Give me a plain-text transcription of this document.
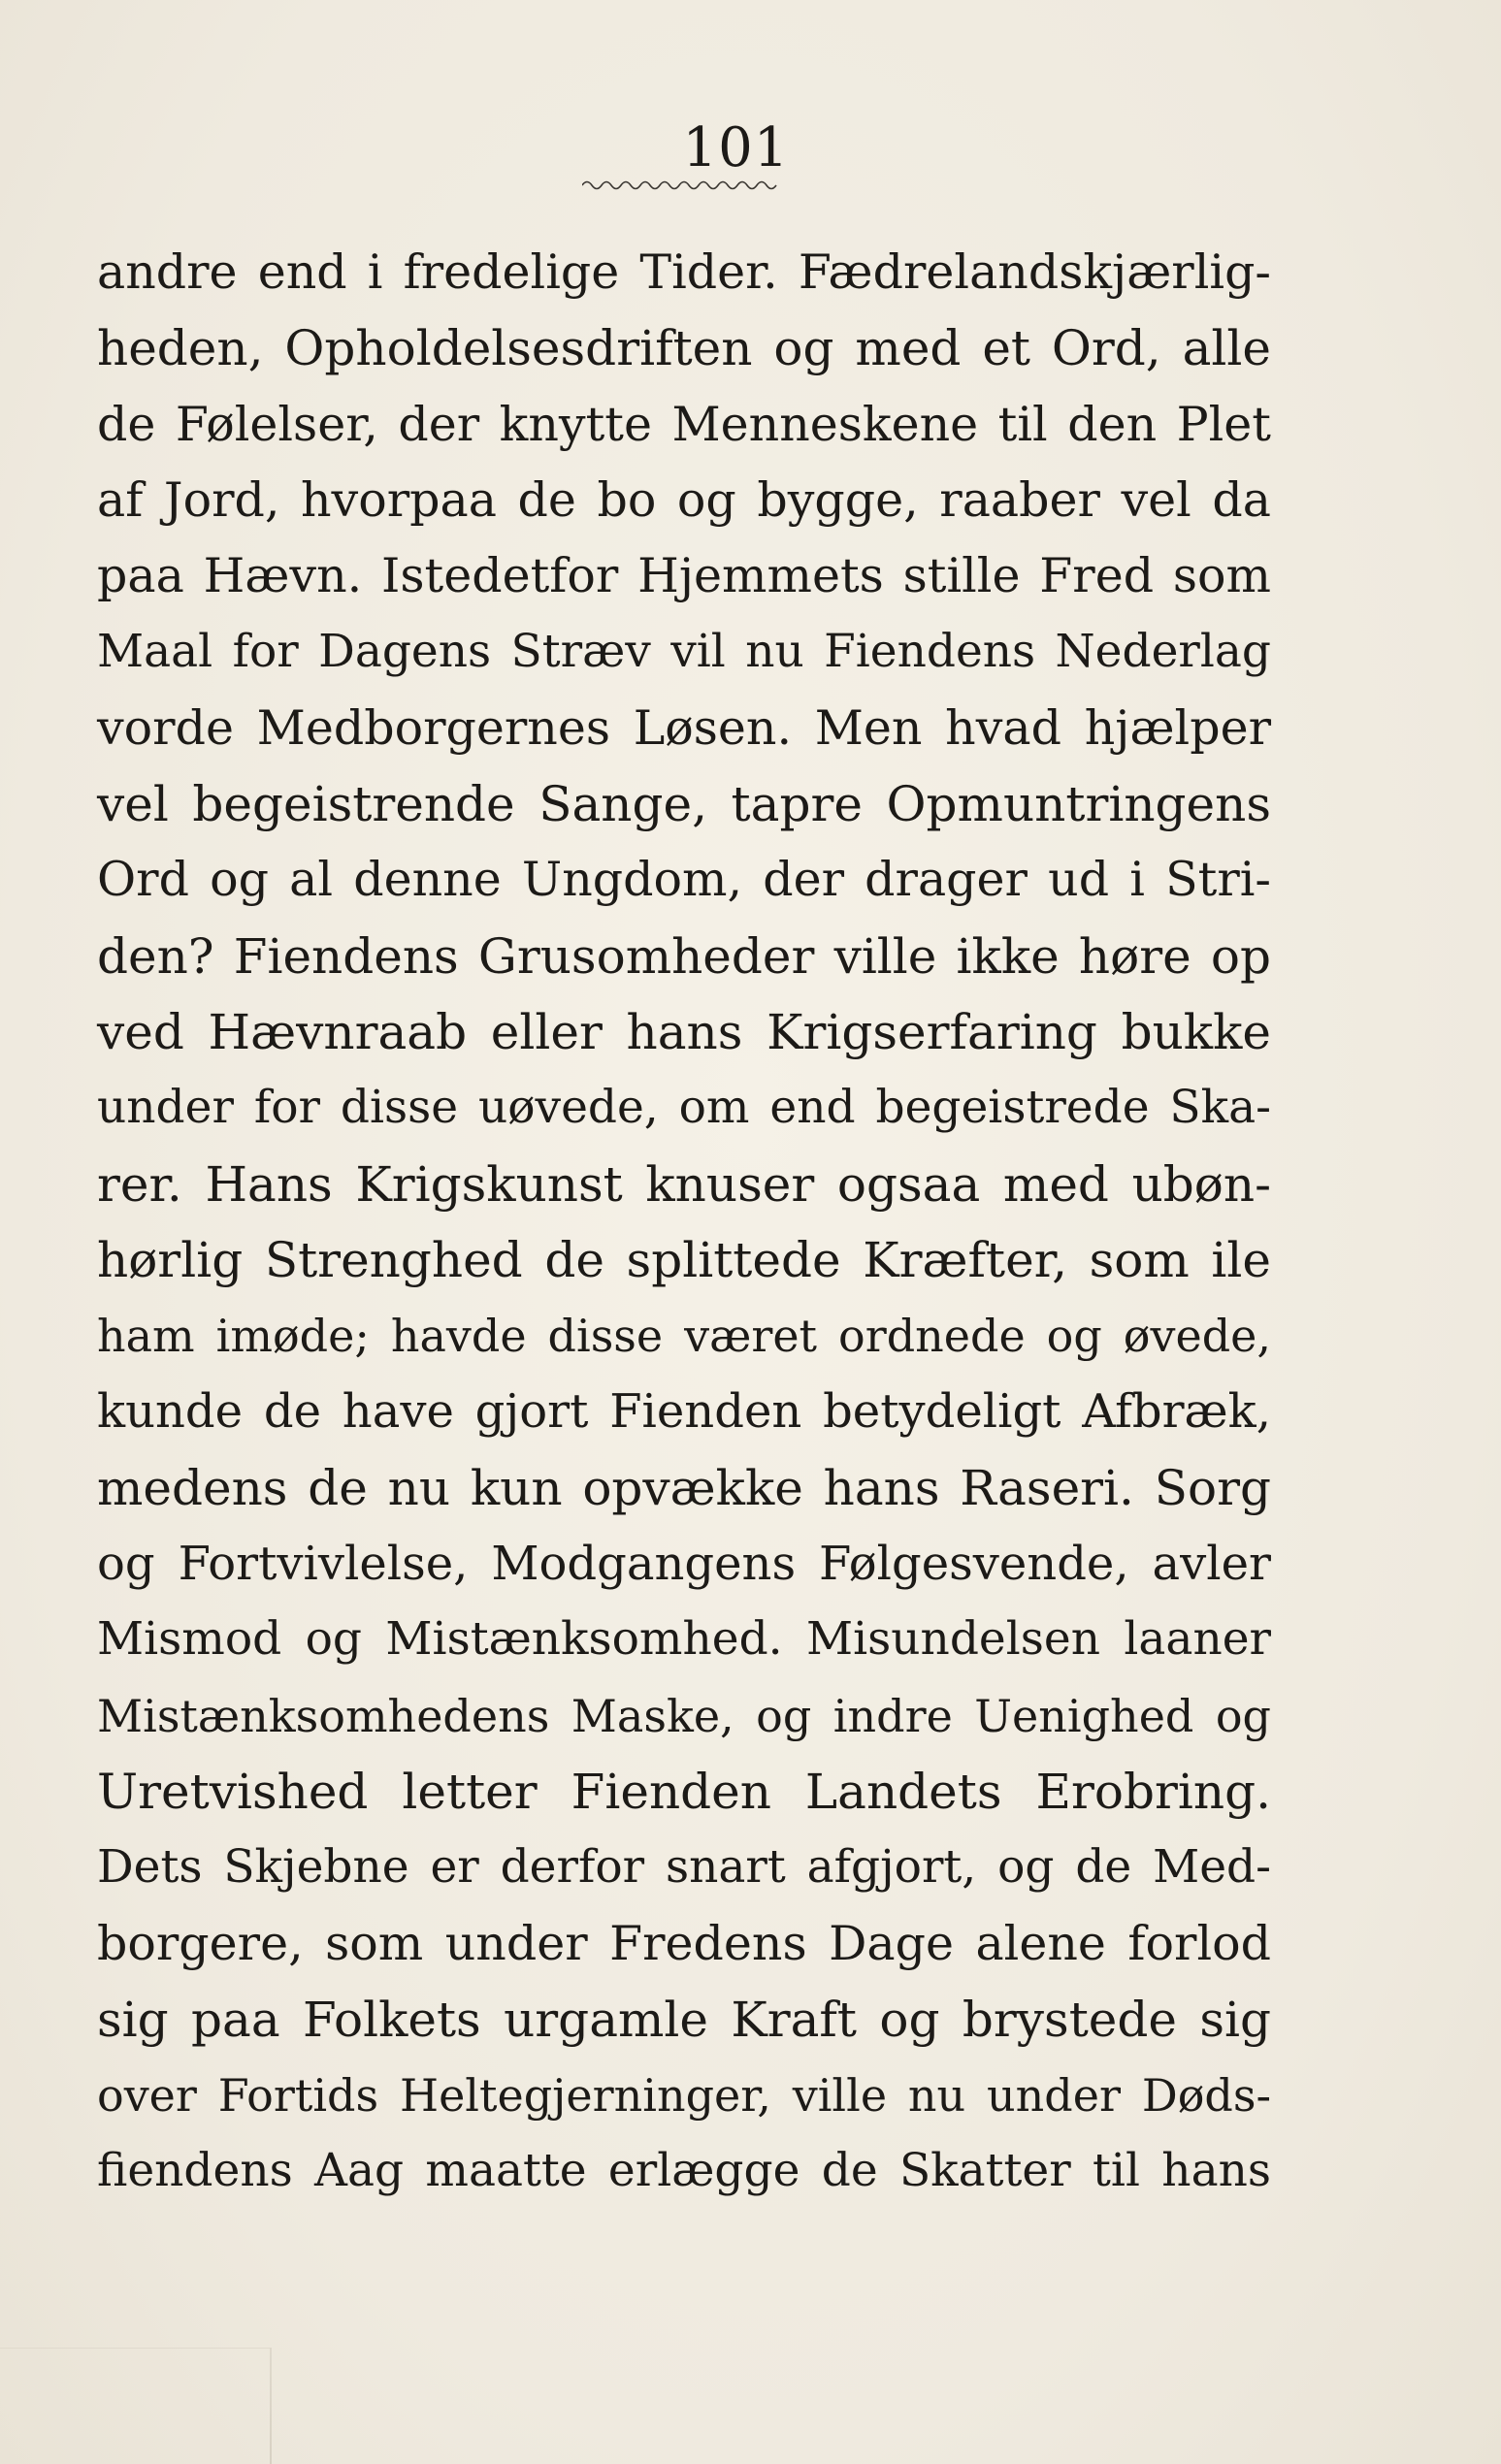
101
andre end i fredelige Tider. Fædrelandskjærlig-
heden, Opholdelsesdriften og med et Ord, alle
de Følelser, der knytte Menneskene til den Plet
af Jord, hvorpaa de bo og bygge, raaber vel da
paa Hævn. Istedetfor Hjemmets stille Fred som
Maal for Dagens Stræv vil nu Fiendens Nederlag
vorde Medborgernes Løsen. Men hvad hjælper
vel begeistrende Sange, tapre Opmuntringens
Ord og al denne Ungdom, der drager ud i Stri-
den? Fiendens Grusomheder ville ikke høre op
ved Hævnraab eller hans Krigserfaring bukke
under for disse uøvede, om end begeistrede Ska-
rer. Hans Krigskunst knuser ogsaa med ubøn-
hørlig Strenghed de splittede Kræfter, som ile
ham imøde; havde disse været ordnede og øvede,
kunde de have gjort Fienden betydeligt Afbræk,
medens de nu kun opvække hans Raseri. Sorg
og Fortvivlelse, Modgangens Følgesvende, avler
Mismod og Mistænksomhed. Misundelsen laaner
Mistænksomhedens Maske, og indre Uenighed og
Uretvished letter Fienden Landets Erobring.
Dets Skjebne er derfor snart afgjort, og de Med-
borgere, som under Fredens Dage alene forlod
sig paa Folkets urgamle Kraft og brystede sig
over Fortids Heltegjerninger, ville nu under Døds-
fiendens Aag maatte erlægge de Skatter til hans
